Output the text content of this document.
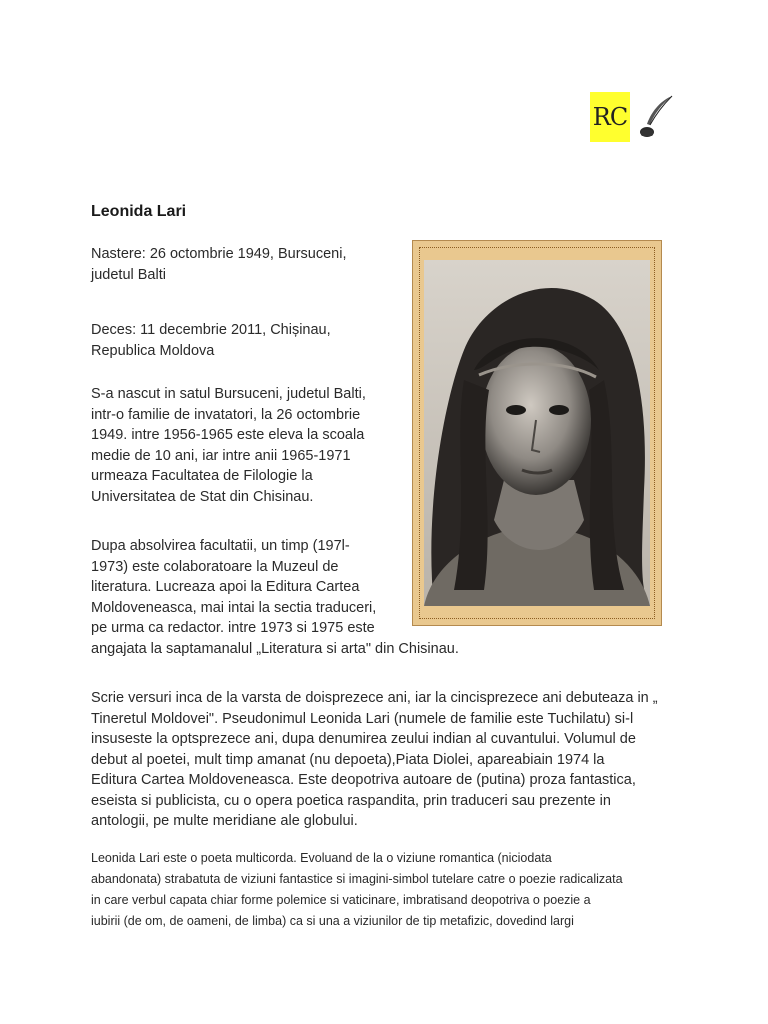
RC
Leonida Lari

Nastere: 26 octombrie 1949, Bursuceni,
judetul Balti

Deces: 11 decembrie 2011, Chișinau,
Republica Moldova

S-a nascut in satul Bursuceni, judetul Balti,
intr-o familie de invatatori, la 26 octombrie
1949. intre 1956-1965 este eleva la scoala
medie de 10 ani, iar intre anii 1965-1971
urmeaza Facultatea de Filologie la
Universitatea de Stat din Chisinau.

Dupa absolvirea facultatii, un timp (197l-
1973) este colaboratoare la Muzeul de
literatura. Lucreaza apoi la Editura Cartea
Moldoveneasca, mai intai la sectia traduceri,
pe urma ca redactor. intre 1973 si 1975 este
angajata la saptamanalul „Literatura si arta" din Chisinau.

Scrie versuri inca de la varsta de doisprezece ani, iar la cincisprezece ani debuteaza in „
Tineretul Moldovei". Pseudonimul Leonida Lari (numele de familie este Tuchilatu) si-l
insuseste la optsprezece ani, dupa denumirea zeului indian al cuvantului. Volumul de
debut al poetei, mult timp amanat (nu depoeta),Piata Diolei, apareabiain 1974 la
Editura Cartea Moldoveneasca. Este deopotriva autoare de (putina) proza fantastica,
eseista si publicista, cu o opera poetica raspandita, prin traduceri sau prezente in
antologii, pe multe meridiane ale globului.

Leonida Lari este o poeta multicorda. Evoluand de la o viziune romantica (niciodata
abandonata) strabatuta de viziuni fantastice si imagini-simbol tutelare catre o poezie radicalizata
in care verbul capata chiar forme polemice si vaticinare, imbratisand deopotriva o poezie a
iubirii (de om, de oameni, de limba) ca si una a viziunilor de tip metafizic, dovedind largi
